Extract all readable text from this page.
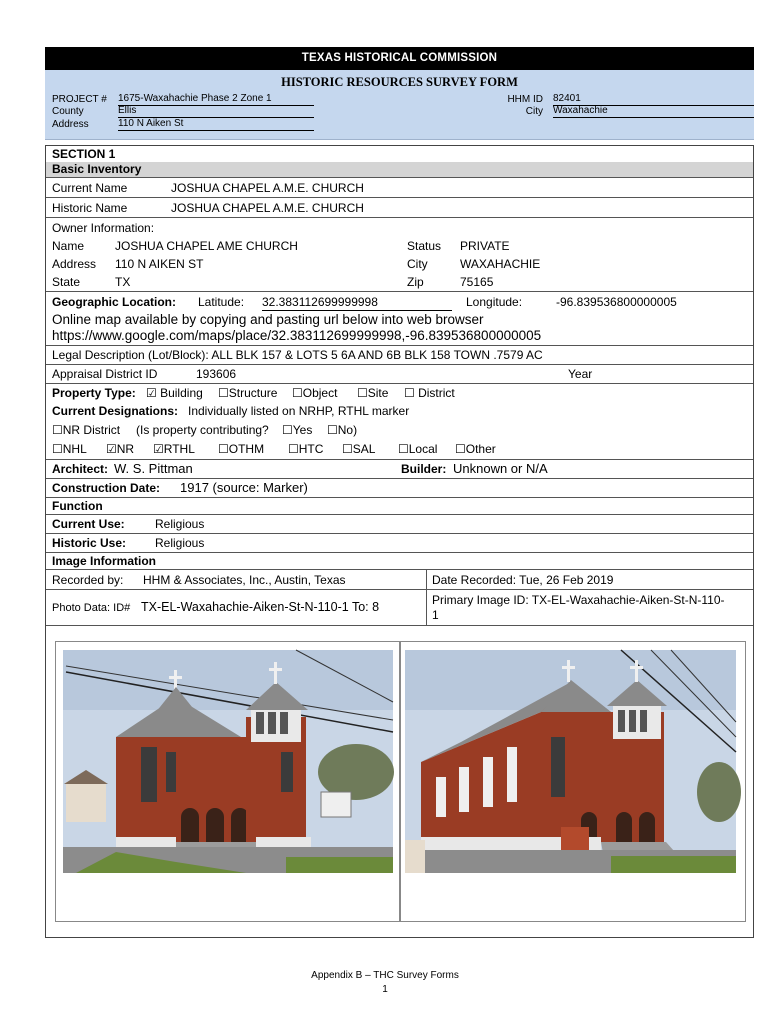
TEXAS HISTORICAL COMMISSION
HISTORIC RESOURCES SURVEY FORM
PROJECT # 1675-Waxahachie Phase 2 Zone 1
County	Ellis
Address	110 N Aiken St
HHM ID 82401
City Waxahachie
SECTION 1
Basic Inventory
Current Name	JOSHUA CHAPEL A.M.E. CHURCH
Historic Name	JOSHUA CHAPEL A.M.E. CHURCH
Owner Information:
Name	JOSHUA CHAPEL AME CHURCH	Status PRIVATE
Address 110 N AIKEN ST	City	WAXAHACHIE
State	TX	Zip	75165
Geographic Location: Latitude: 32.383112699999998	Longitude:	-96.839536800000005
Online map available by copying and pasting url below into web browser
https://www.google.com/maps/place/32.383112699999998,-96.839536800000005
Legal Description (Lot/Block): ALL BLK 157 & LOTS 5 6A AND 6B BLK 158 TOWN .7579 AC
Appraisal District ID	193606	Year
Property Type: ☑ Building ☐Structure ☐Object ☐Site ☐ District
Current Designations: Individually listed on NRHP, RTHL marker
☐NR District (Is property contributing? ☐Yes ☐No)
☐NHL ☑NR ☑RTHL ☐OTHM ☐HTC ☐SAL ☐Local ☐Other
Architect: W. S. Pittman	Builder: Unknown or N/A
Construction Date: 1917 (source: Marker)
Function
Current Use:	Religious
Historic Use: Religious
Image Information
Recorded by: HHM & Associates, Inc., Austin, Texas	Date Recorded: Tue, 26 Feb 2019
Photo Data: ID# TX-EL-Waxahachie-Aiken-St-N-110-1 To: 8	Primary Image ID: TX-EL-Waxahachie-Aiken-St-N-110-
1
Appendix B – THC Survey Forms
1
